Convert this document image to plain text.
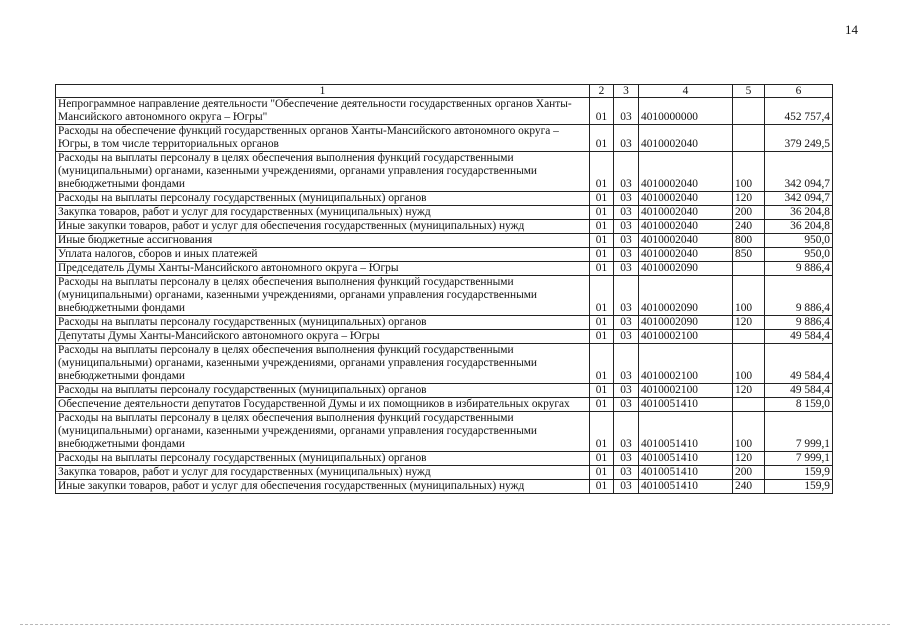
14
1	2	3	4	5	6
Непрограммное направление деятельности "Обеспечение деятельности государственных органов Ханты-Мансийского автономного округа – Югры"	01	03	4010000000		452 757,4
Расходы на обеспечение функций государственных органов Ханты-Мансийского автономного округа – Югры, в том числе территориальных органов	01	03	4010002040		379 249,5
Расходы на выплаты персоналу в целях обеспечения выполнения функций государственными (муниципальными) органами, казенными учреждениями, органами управления государственными внебюджетными фондами	01	03	4010002040	100	342 094,7
Расходы на выплаты персоналу государственных (муниципальных) органов	01	03	4010002040	120	342 094,7
Закупка товаров, работ и услуг для государственных (муниципальных) нужд	01	03	4010002040	200	36 204,8
Иные закупки товаров, работ и услуг для обеспечения государственных (муниципальных) нужд	01	03	4010002040	240	36 204,8
Иные бюджетные ассигнования	01	03	4010002040	800	950,0
Уплата налогов, сборов и иных платежей	01	03	4010002040	850	950,0
Председатель Думы Ханты-Мансийского автономного округа – Югры	01	03	4010002090		9 886,4
Расходы на выплаты персоналу в целях обеспечения выполнения функций государственными (муниципальными) органами, казенными учреждениями, органами управления государственными внебюджетными фондами	01	03	4010002090	100	9 886,4
Расходы на выплаты персоналу государственных (муниципальных) органов	01	03	4010002090	120	9 886,4
Депутаты Думы Ханты-Мансийского автономного округа – Югры	01	03	4010002100		49 584,4
Расходы на выплаты персоналу в целях обеспечения выполнения функций государственными (муниципальными) органами, казенными учреждениями, органами управления государственными внебюджетными фондами	01	03	4010002100	100	49 584,4
Расходы на выплаты персоналу государственных (муниципальных) органов	01	03	4010002100	120	49 584,4
Обеспечение деятельности депутатов Государственной Думы и их помощников в избирательных округах	01	03	4010051410		8 159,0
Расходы на выплаты персоналу в целях обеспечения выполнения функций государственными (муниципальными) органами, казенными учреждениями, органами управления государственными внебюджетными фондами	01	03	4010051410	100	7 999,1
Расходы на выплаты персоналу государственных (муниципальных) органов	01	03	4010051410	120	7 999,1
Закупка товаров, работ и услуг для государственных (муниципальных) нужд	01	03	4010051410	200	159,9
Иные закупки товаров, работ и услуг для обеспечения государственных (муниципальных) нужд	01	03	4010051410	240	159,9
